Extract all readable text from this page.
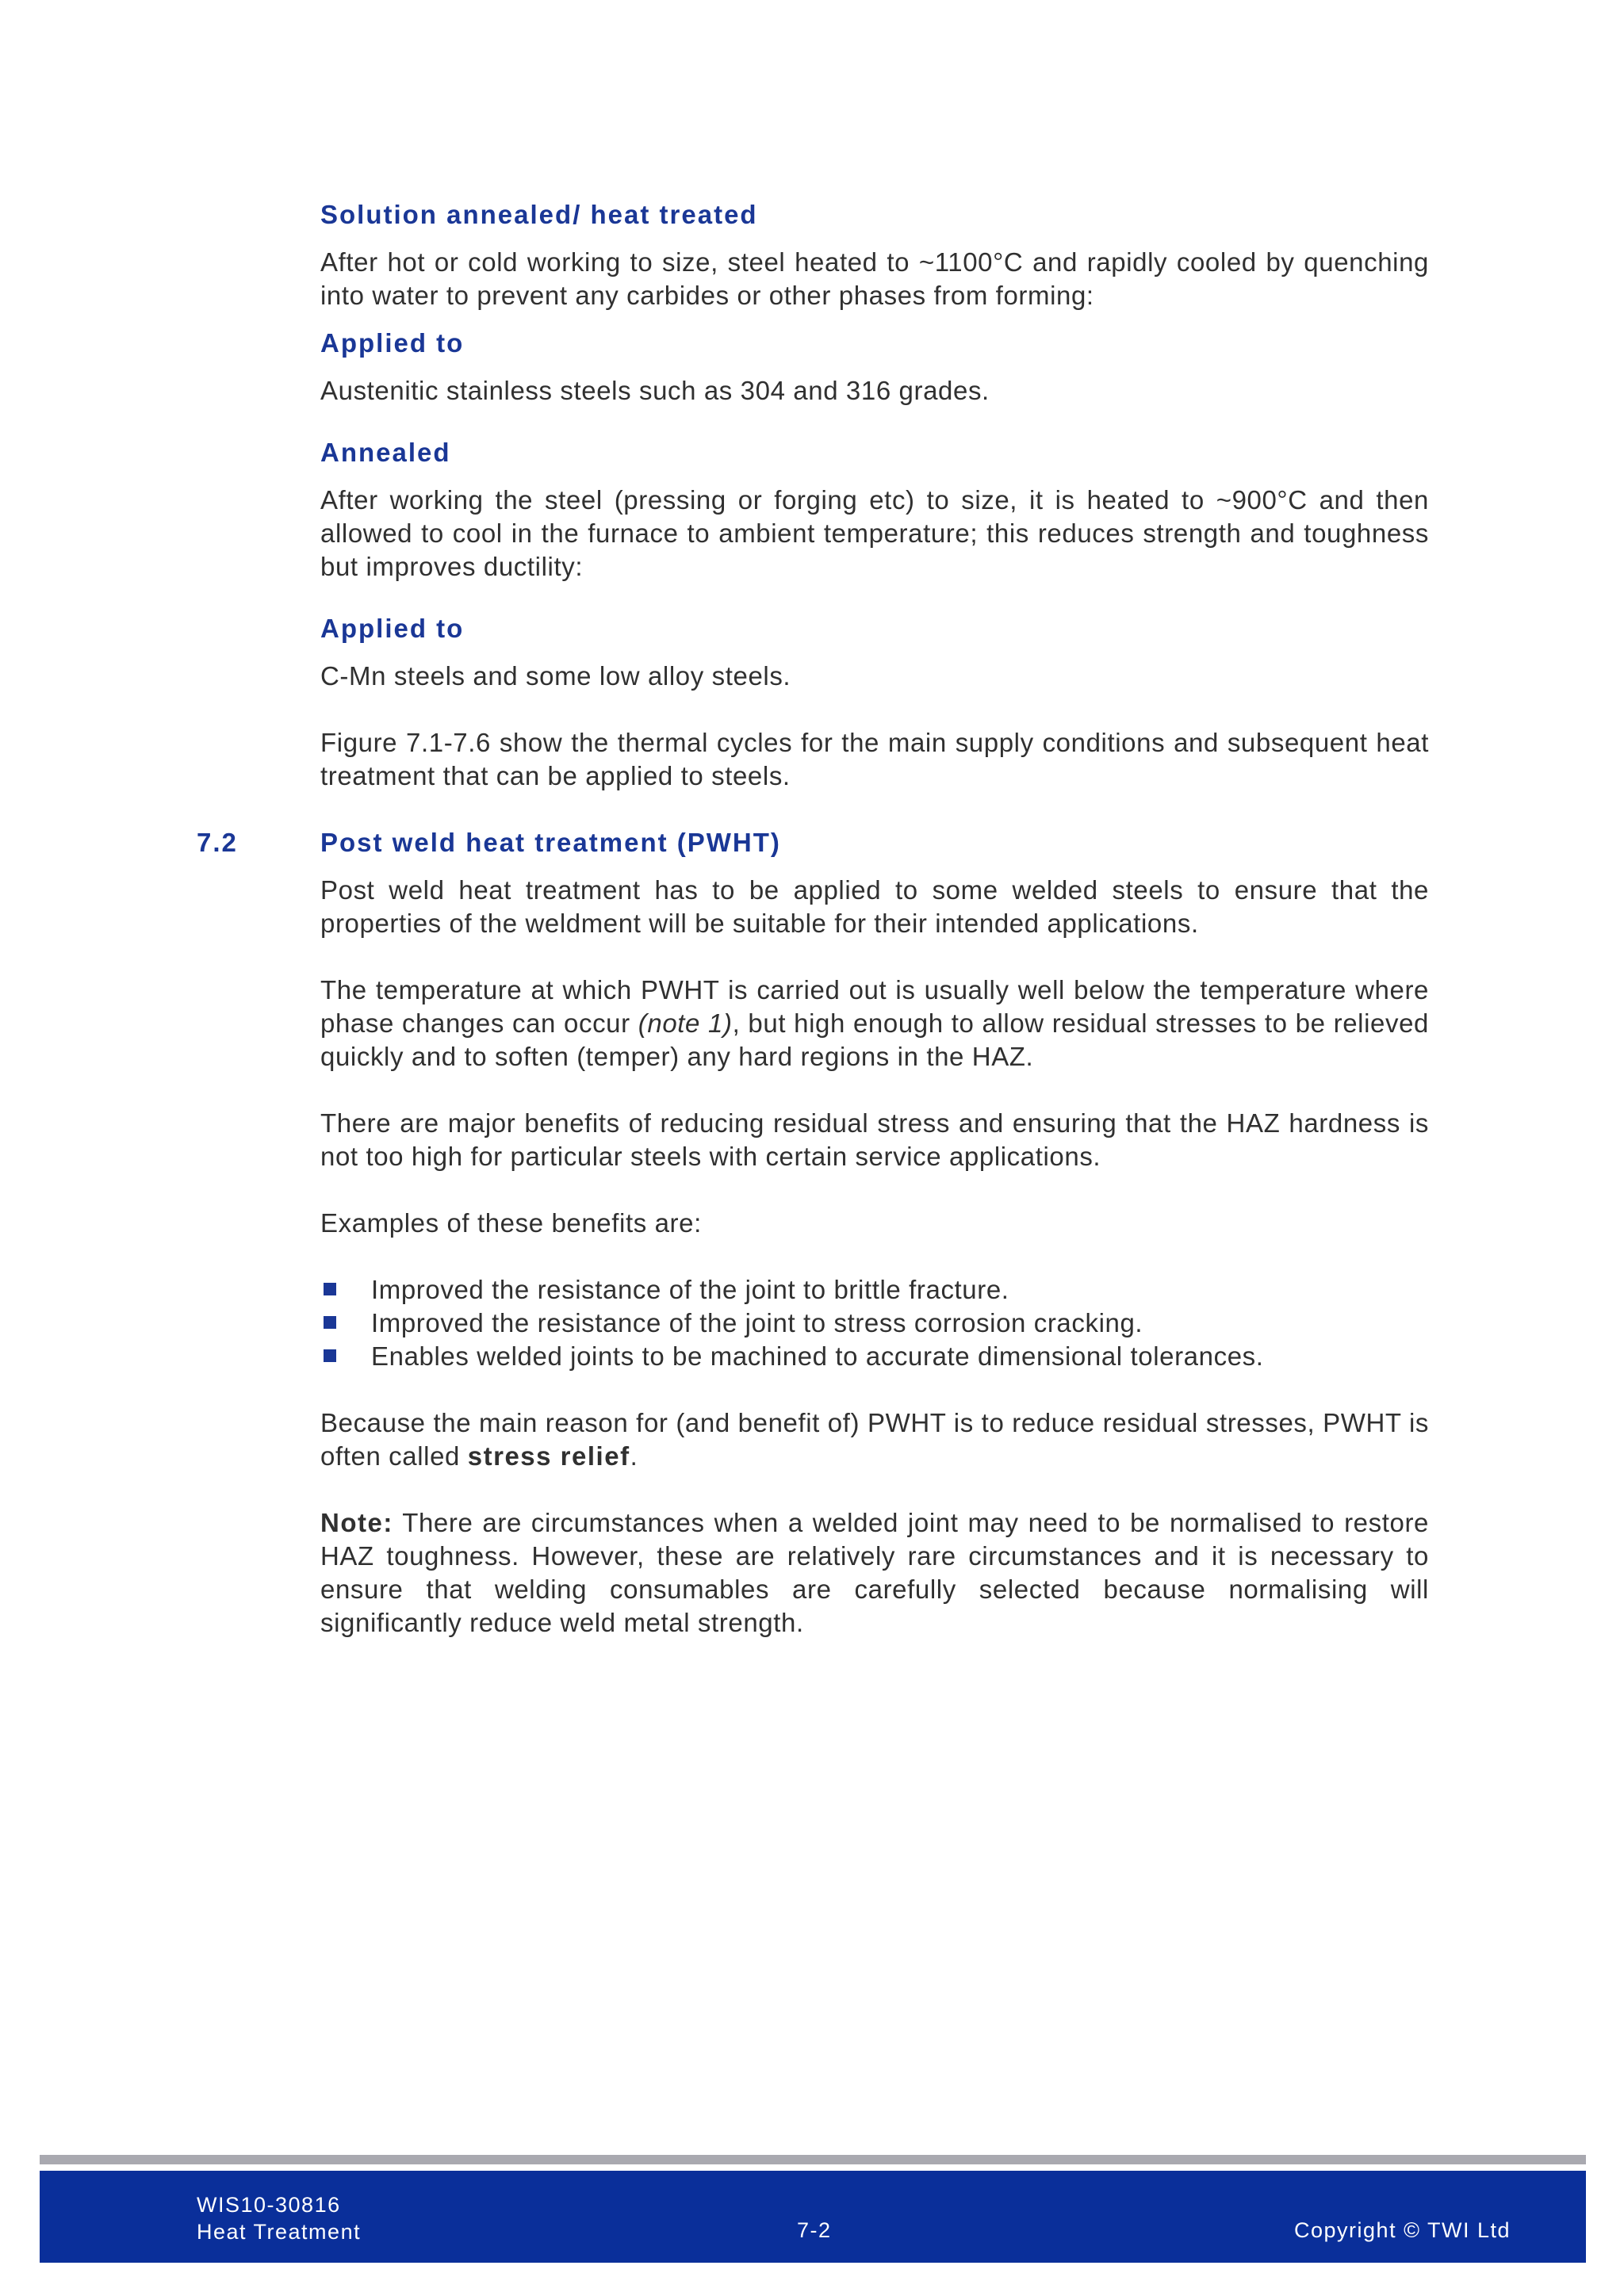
Solution annealed/ heat treated

After hot or cold working to size, steel heated to ~1100°C and rapidly cooled by quenching into water to prevent any carbides or other phases from forming:

Applied to

Austenitic stainless steels such as 304 and 316 grades.

Annealed

After working the steel (pressing or forging etc) to size, it is heated to ~900°C and then allowed to cool in the furnace to ambient temperature; this reduces strength and toughness but improves ductility:

Applied to

C-Mn steels and some low alloy steels.

Figure 7.1-7.6 show the thermal cycles for the main supply conditions and subsequent heat treatment that can be applied to steels.

7.2	Post weld heat treatment (PWHT)

Post weld heat treatment has to be applied to some welded steels to ensure that the properties of the weldment will be suitable for their intended applications.

The temperature at which PWHT is carried out is usually well below the temperature where phase changes can occur (note 1), but high enough to allow residual stresses to be relieved quickly and to soften (temper) any hard regions in the HAZ.

There are major benefits of reducing residual stress and ensuring that the HAZ hardness is not too high for particular steels with certain service applications.

Examples of these benefits are:

Improved the resistance of the joint to brittle fracture.
Improved the resistance of the joint to stress corrosion cracking.
Enables welded joints to be machined to accurate dimensional tolerances.

Because the main reason for (and benefit of) PWHT is to reduce residual stresses, PWHT is often called stress relief.

Note: There are circumstances when a welded joint may need to be normalised to restore HAZ toughness. However, these are relatively rare circumstances and it is necessary to ensure that welding consumables are carefully selected because normalising will significantly reduce weld metal strength.

WIS10-30816
Heat Treatment	7-2	Copyright © TWI Ltd
